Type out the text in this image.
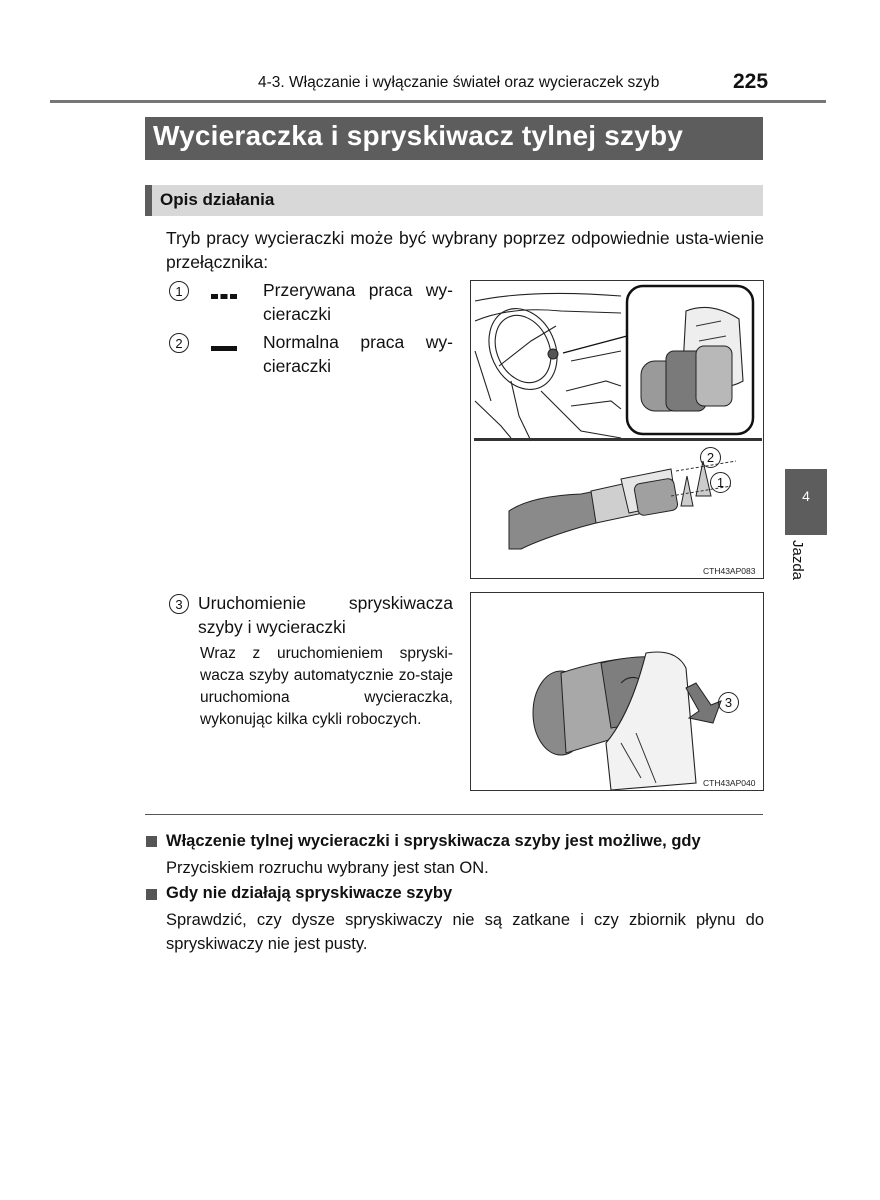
4-3. Włączanie i wyłączanie świateł oraz wycieraczek szyb	225
Wycieraczka i spryskiwacz tylnej szyby
Opis działania
Tryb pracy wycieraczki może być wybrany poprzez odpowiednie usta-wienie przełącznika:
1	Przerywana praca wy-cieraczki
2	Normalna praca wy-cieraczki
CTH43AP083
2
1
3 Uruchomienie spryskiwacza szyby i wycieraczki
Wraz z uruchomieniem spryski-wacza szyby automatycznie zo-staje uruchomiona wycieraczka, wykonując kilka cykli roboczych.
CTH43AP040
3
Włączenie tylnej wycieraczki i spryskiwacza szyby jest możliwe, gdy
Przyciskiem rozruchu wybrany jest stan ON.
Gdy nie działają spryskiwacze szyby
Sprawdzić, czy dysze spryskiwaczy nie są zatkane i czy zbiornik płynu do spryskiwaczy nie jest pusty.
4
Jazda
